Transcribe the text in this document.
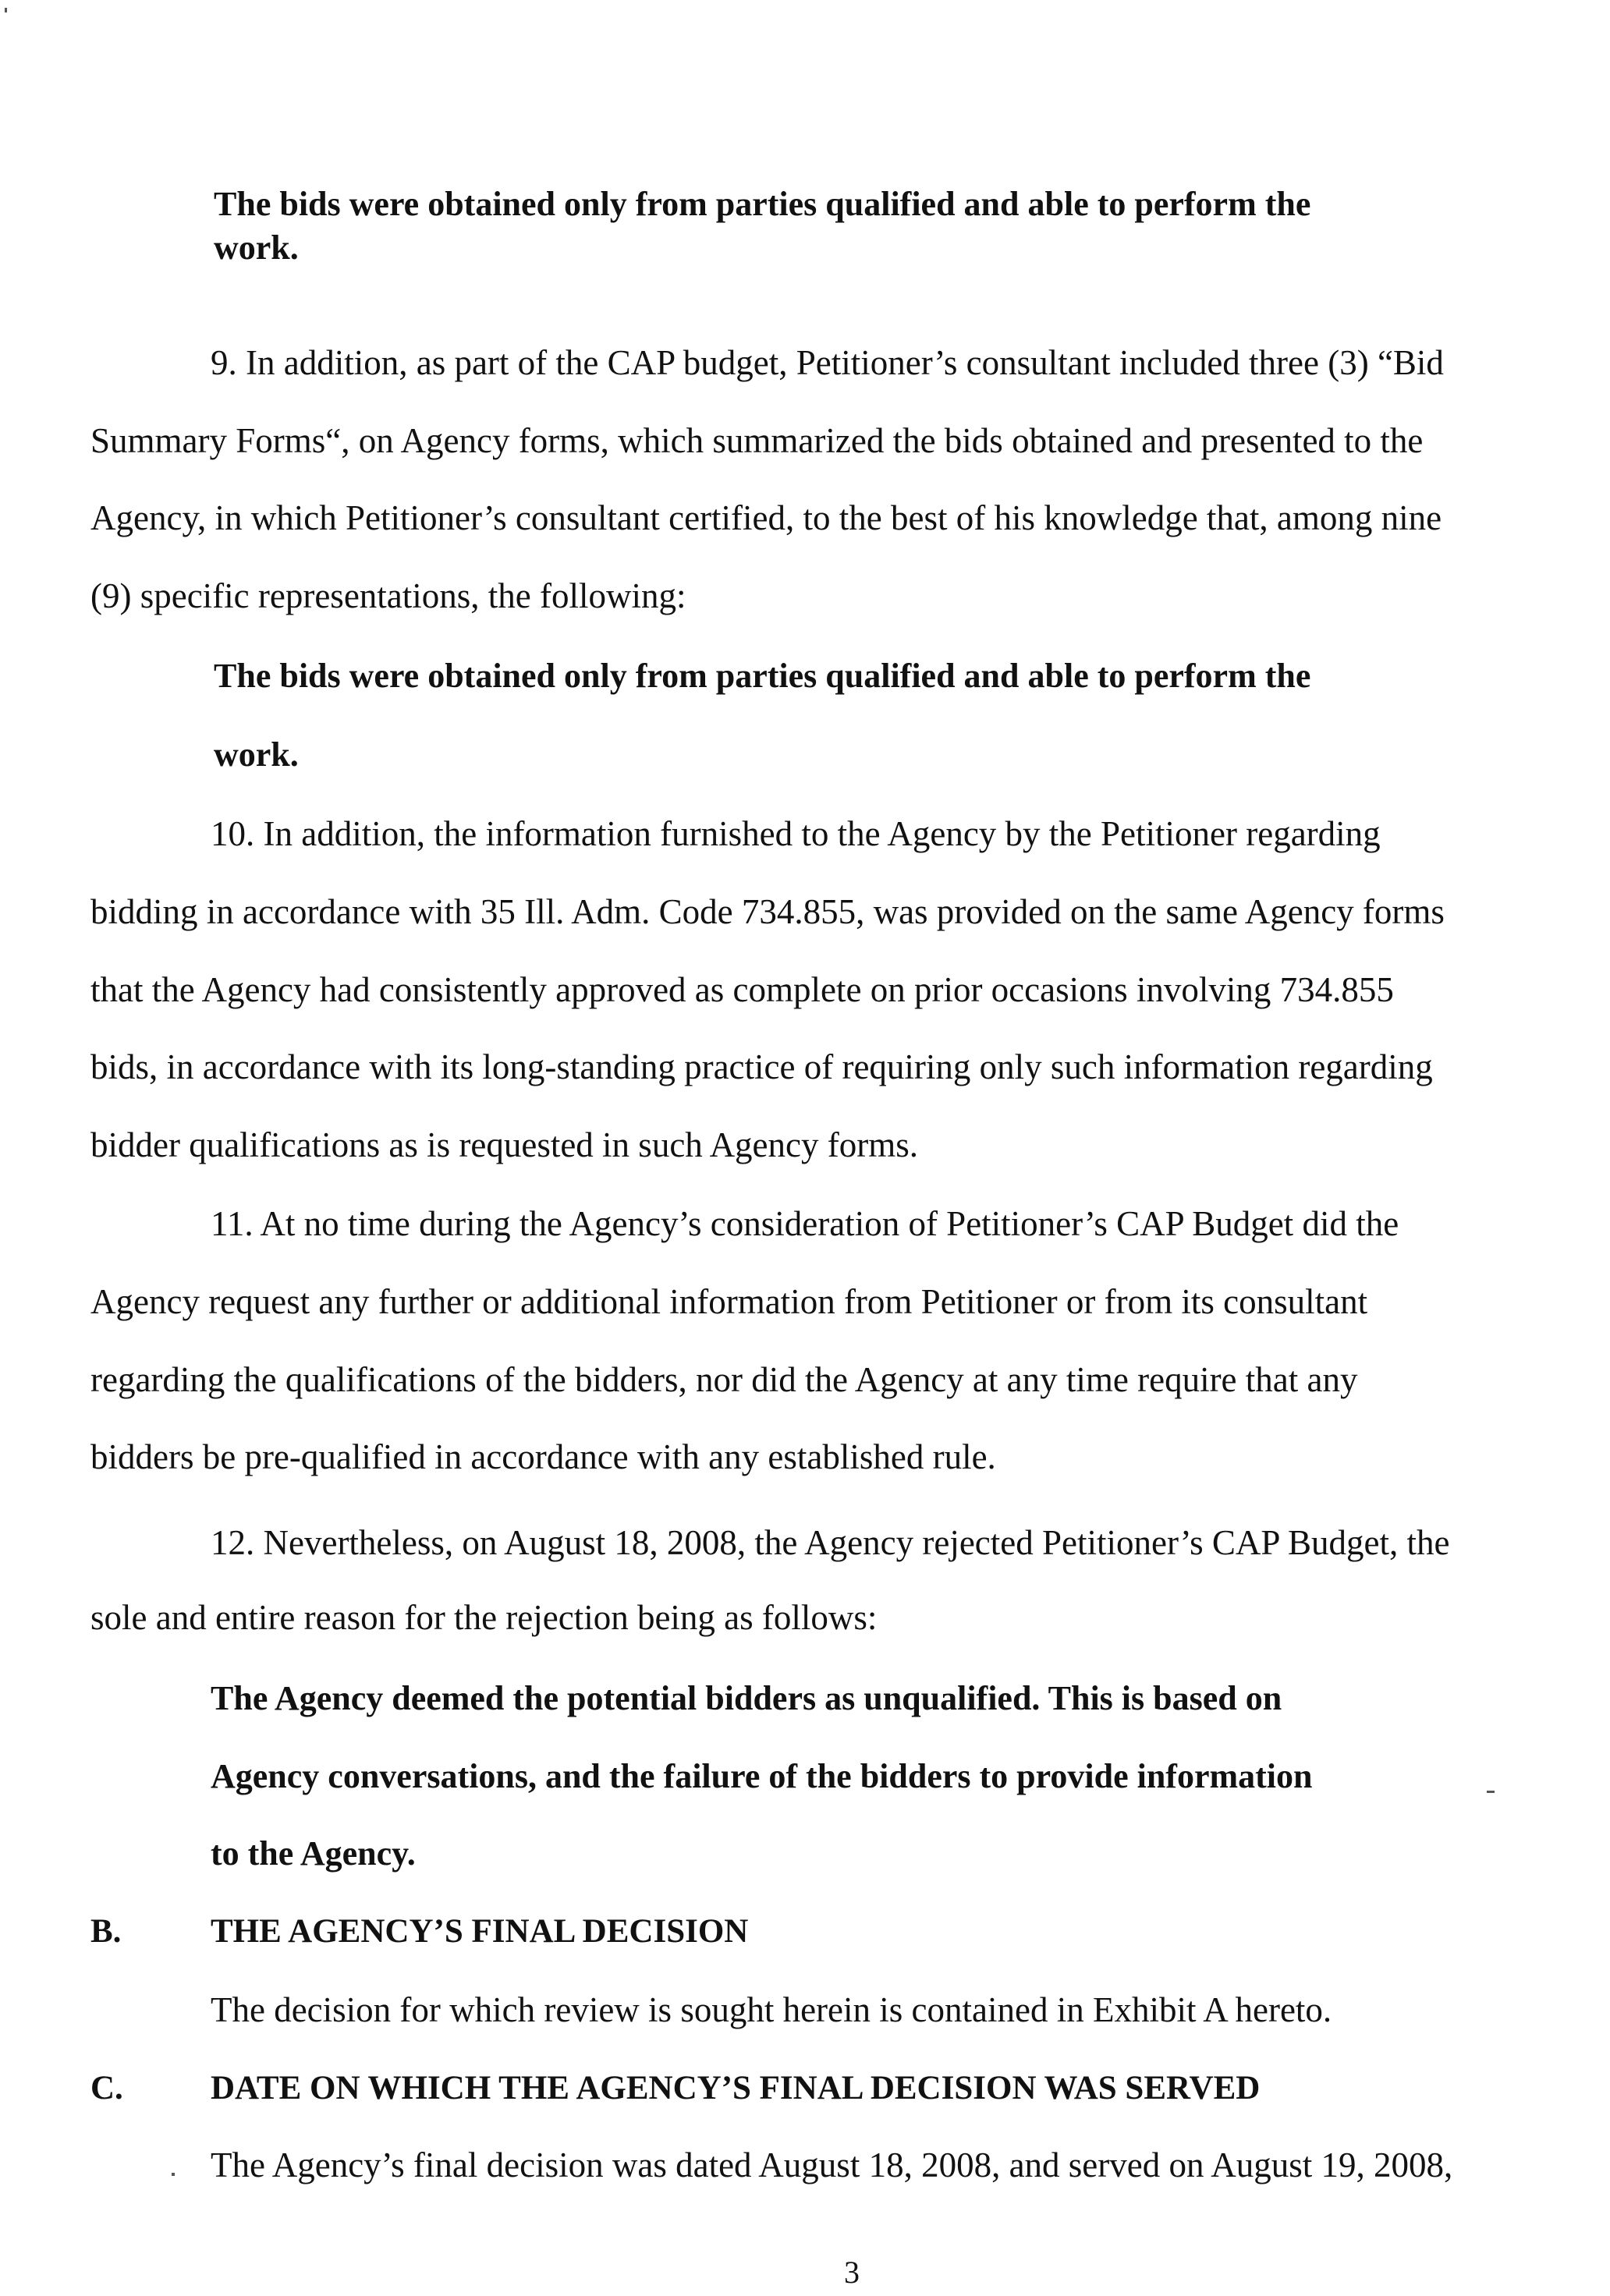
The bids were obtained only from parties qualified and able to perform the
work.
9. In addition, as part of the CAP budget, Petitioner’s consultant included three (3) “Bid
Summary Forms“, on Agency forms, which summarized the bids obtained and presented to the
Agency, in which Petitioner’s consultant certified, to the best of his knowledge that, among nine
(9) specific representations, the following:
The bids were obtained only from parties qualified and able to perform the
work.
10. In addition, the information furnished to the Agency by the Petitioner regarding
bidding in accordance with 35 Ill. Adm. Code 734.855, was provided on the same Agency forms
that the Agency had consistently approved as complete on prior occasions involving 734.855
bids, in accordance with its long-standing practice of requiring only such information regarding
bidder qualifications as is requested in such Agency forms.
11. At no time during the Agency’s consideration of Petitioner’s CAP Budget did the
Agency request any further or additional information from Petitioner or from its consultant
regarding the qualifications of the bidders, nor did the Agency at any time require that any
bidders be pre-qualified in accordance with any established rule.
12. Nevertheless, on August 18, 2008, the Agency rejected Petitioner’s CAP Budget, the
sole and entire reason for the rejection being as follows:
The Agency deemed the potential bidders as unqualified. This is based on
Agency conversations, and the failure of the bidders to provide information
to the Agency.
B.	THE AGENCY’S FINAL DECISION
The decision for which review is sought herein is contained in Exhibit A hereto.
C.	DATE ON WHICH THE AGENCY’S FINAL DECISION WAS SERVED
The Agency’s final decision was dated August 18, 2008, and served on August 19, 2008,
3
